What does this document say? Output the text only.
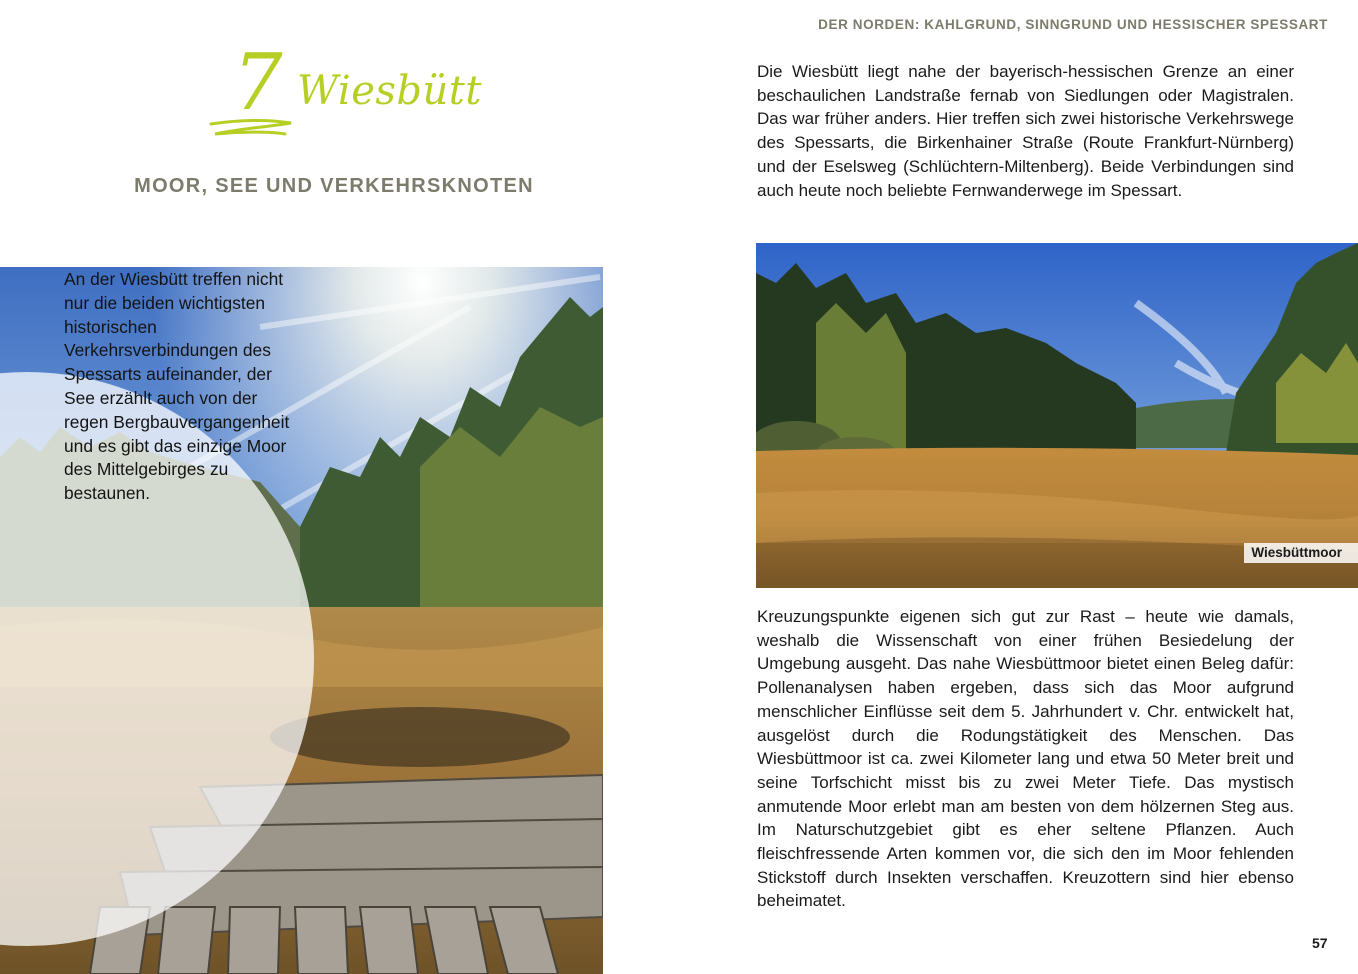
7 Wiesbütt
MOOR, SEE UND VERKEHRSKNOTEN

An der Wiesbütt treffen nicht nur die beiden wichtigsten historischen Verkehrsverbindungen des Spessarts aufeinander, der See erzählt auch von der regen Bergbauvergangenheit und es gibt das einzige Moor des Mittelgebirges zu bestaunen.

DER NORDEN: KAHLGRUND, SINNGRUND UND HESSISCHER SPESSART

Die Wiesbütt liegt nahe der bayerisch-hessischen Grenze an einer beschaulichen Landstraße fernab von Siedlungen oder Magistralen. Das war früher anders. Hier treffen sich zwei historische Verkehrswege des Spessarts, die Birkenhainer Straße (Route Frankfurt-Nürnberg) und der Eselsweg (Schlüchtern-Miltenberg). Beide Verbindungen sind auch heute noch beliebte Fernwanderwege im Spessart.

Wiesbüttmoor

Kreuzungspunkte eigenen sich gut zur Rast – heute wie damals, weshalb die Wissenschaft von einer frühen Besiedelung der Umgebung ausgeht. Das nahe Wiesbüttmoor bietet einen Beleg dafür: Pollenanalysen haben ergeben, dass sich das Moor aufgrund menschlicher Einflüsse seit dem 5. Jahrhundert v. Chr. entwickelt hat, ausgelöst durch die Rodungstätigkeit des Menschen. Das Wiesbüttmoor ist ca. zwei Kilometer lang und etwa 50 Meter breit und seine Torfschicht misst bis zu zwei Meter Tiefe. Das mystisch anmutende Moor erlebt man am besten von dem hölzernen Steg aus. Im Naturschutzgebiet gibt es eher seltene Pflanzen. Auch fleischfressende Arten kommen vor, die sich den im Moor fehlenden Stickstoff durch Insekten verschaffen. Kreuzottern sind hier ebenso beheimatet.

57
